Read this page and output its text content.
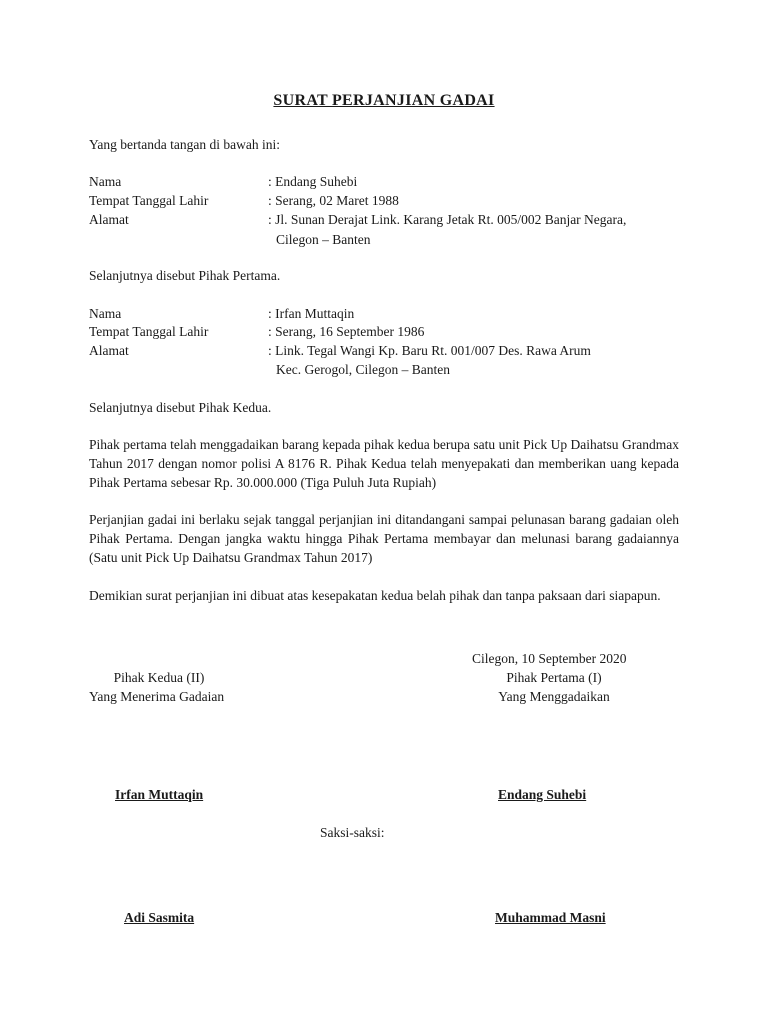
SURAT PERJANJIAN GADAI
Yang bertanda tangan di bawah ini:
Nama	: Endang Suhebi
Tempat Tanggal Lahir	: Serang, 02 Maret 1988
Alamat	: Jl. Sunan Derajat Link. Karang Jetak Rt. 005/002 Banjar Negara,
Cilegon – Banten
Selanjutnya disebut Pihak Pertama.
Nama	: Irfan Muttaqin
Tempat Tanggal Lahir	: Serang, 16 September 1986
Alamat	: Link. Tegal Wangi Kp. Baru Rt. 001/007 Des. Rawa Arum
Kec. Gerogol, Cilegon – Banten
Selanjutnya disebut Pihak Kedua.
Pihak pertama telah menggadaikan barang kepada pihak kedua berupa satu unit Pick Up Daihatsu Grandmax Tahun 2017 dengan nomor polisi A 8176 R. Pihak Kedua telah menyepakati dan memberikan uang kepada Pihak Pertama sebesar Rp. 30.000.000 (Tiga Puluh Juta Rupiah)
Perjanjian gadai ini berlaku sejak tanggal perjanjian ini ditandangani sampai pelunasan barang gadaian oleh Pihak Pertama. Dengan jangka waktu hingga Pihak Pertama membayar dan melunasi barang gadaiannya (Satu unit Pick Up Daihatsu Grandmax Tahun 2017)
Demikian surat perjanjian ini dibuat atas kesepakatan kedua belah pihak dan tanpa paksaan dari siapapun.
Cilegon, 10 September 2020
Pihak Kedua (II)
Yang Menerima Gadaian
Pihak Pertama (I)
Yang Menggadaikan
Irfan Muttaqin	Endang Suhebi
Saksi-saksi:
Adi Sasmita	Muhammad Masni
